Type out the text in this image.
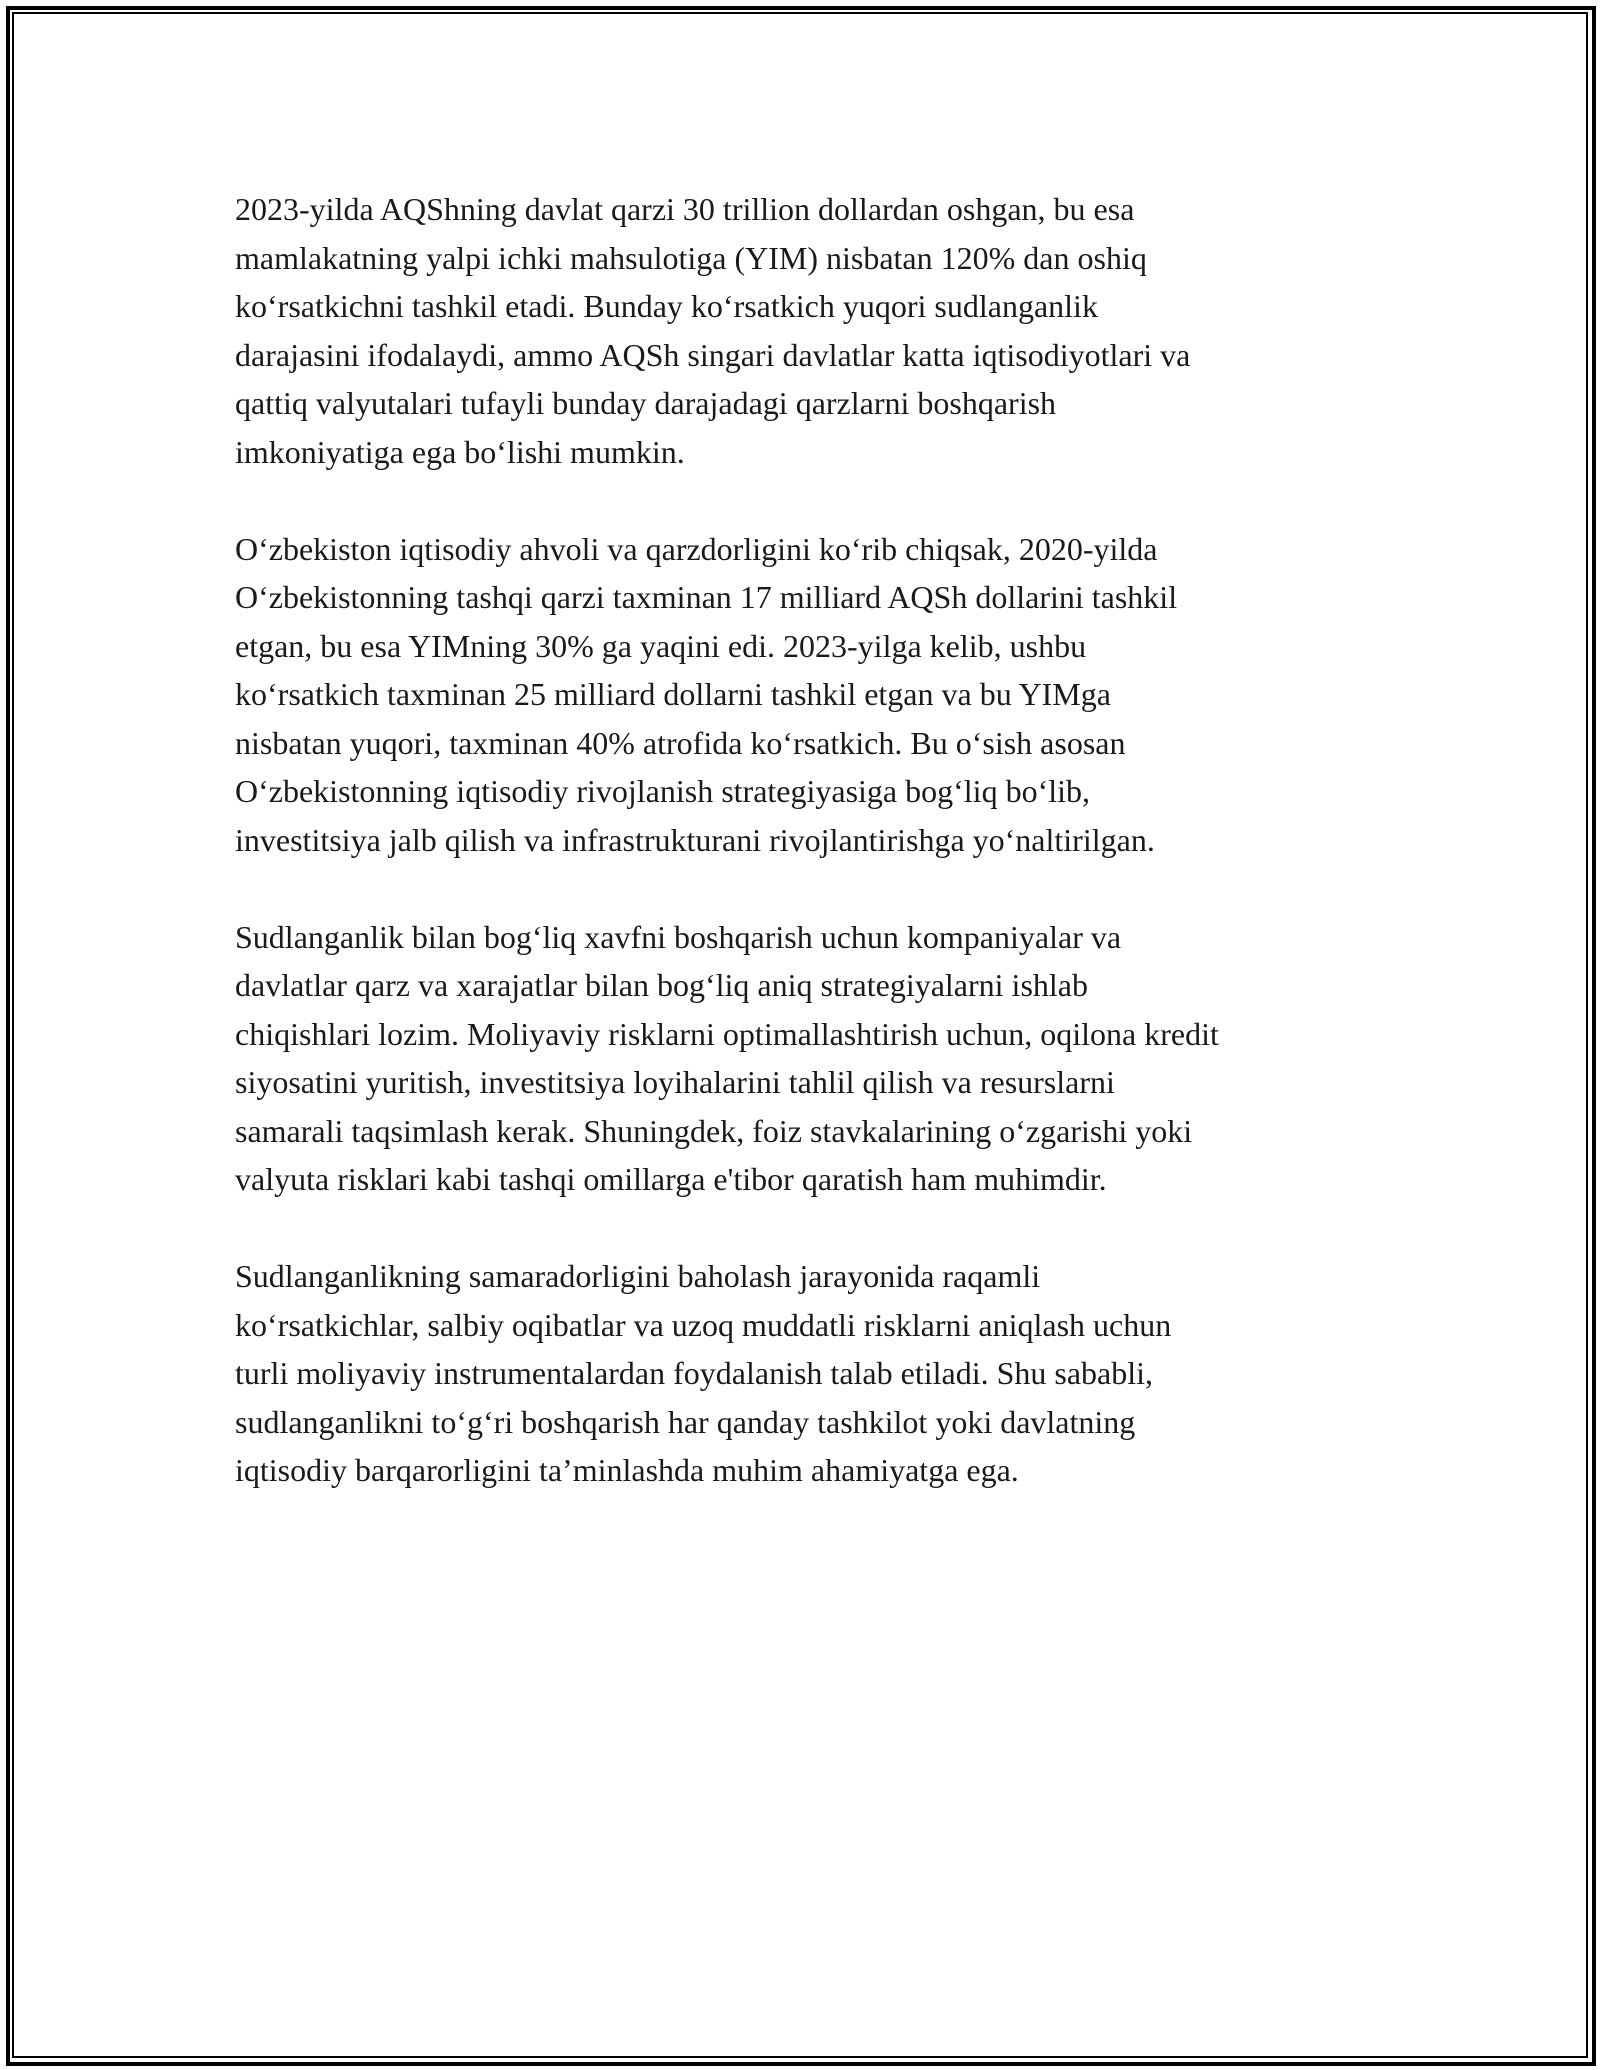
2023-yilda AQShning davlat qarzi 30 trillion dollardan oshgan, bu esa
mamlakatning yalpi ichki mahsulotiga (YIM) nisbatan 120% dan oshiq
ko‘rsatkichni tashkil etadi. Bunday ko‘rsatkich yuqori sudlanganlik
darajasini ifodalaydi, ammo AQSh singari davlatlar katta iqtisodiyotlari va
qattiq valyutalari tufayli bunday darajadagi qarzlarni boshqarish
imkoniyatiga ega bo‘lishi mumkin.

O‘zbekiston iqtisodiy ahvoli va qarzdorligini ko‘rib chiqsak, 2020-yilda
O‘zbekistonning tashqi qarzi taxminan 17 milliard AQSh dollarini tashkil
etgan, bu esa YIMning 30% ga yaqini edi. 2023-yilga kelib, ushbu
ko‘rsatkich taxminan 25 milliard dollarni tashkil etgan va bu YIMga
nisbatan yuqori, taxminan 40% atrofida ko‘rsatkich. Bu o‘sish asosan
O‘zbekistonning iqtisodiy rivojlanish strategiyasiga bog‘liq bo‘lib,
investitsiya jalb qilish va infrastrukturani rivojlantirishga yo‘naltirilgan.

Sudlanganlik bilan bog‘liq xavfni boshqarish uchun kompaniyalar va
davlatlar qarz va xarajatlar bilan bog‘liq aniq strategiyalarni ishlab
chiqishlari lozim. Moliyaviy risklarni optimallashtirish uchun, oqilona kredit
siyosatini yuritish, investitsiya loyihalarini tahlil qilish va resurslarni
samarali taqsimlash kerak. Shuningdek, foiz stavkalarining o‘zgarishi yoki
valyuta risklari kabi tashqi omillarga e'tibor qaratish ham muhimdir.

Sudlanganlikning samaradorligini baholash jarayonida raqamli
ko‘rsatkichlar, salbiy oqibatlar va uzoq muddatli risklarni aniqlash uchun
turli moliyaviy instrumentalardan foydalanish talab etiladi. Shu sababli,
sudlanganlikni to‘g‘ri boshqarish har qanday tashkilot yoki davlatning
iqtisodiy barqarorligini ta’minlashda muhim ahamiyatga ega.
